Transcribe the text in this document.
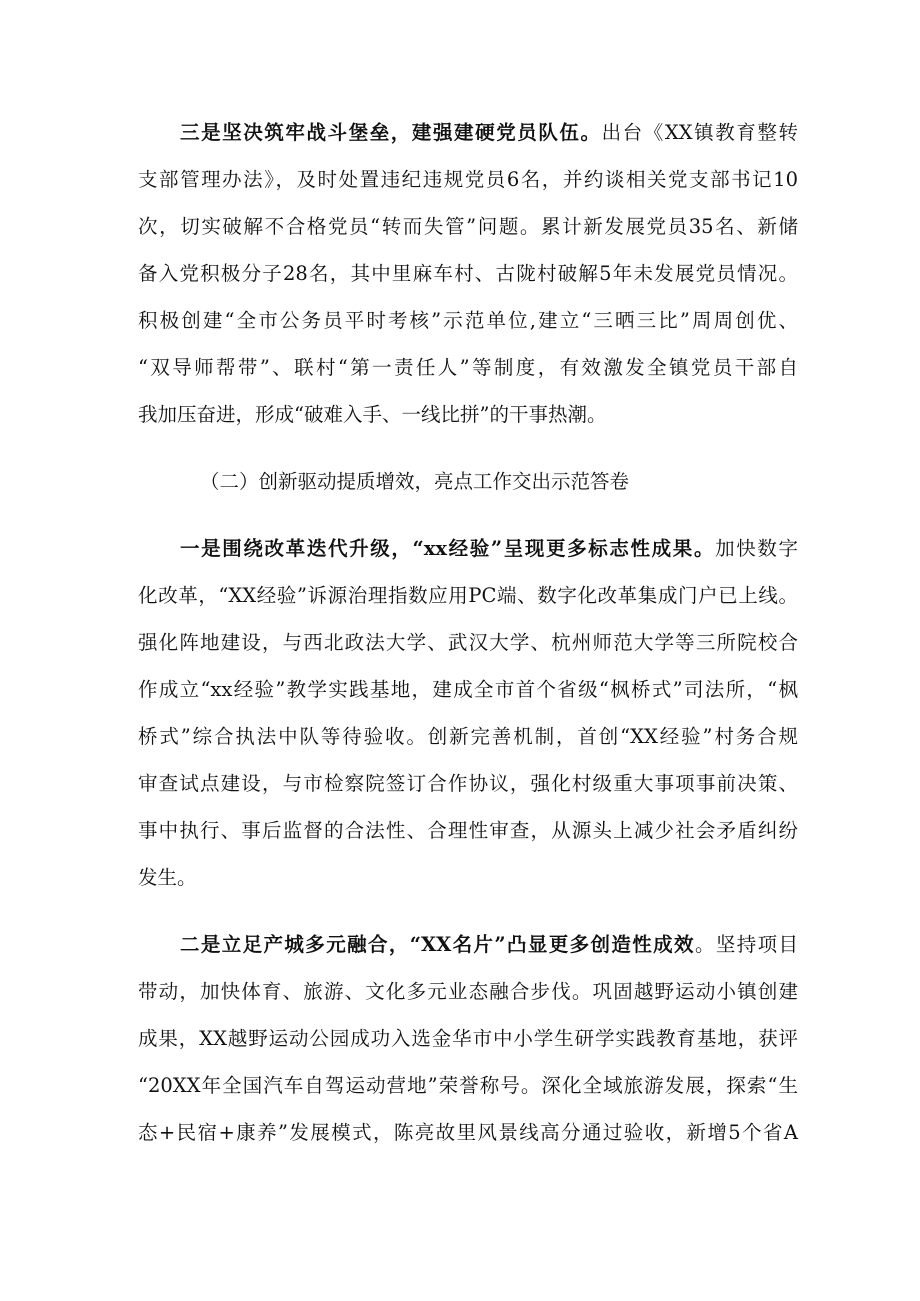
三是坚决筑牢战斗堡垒，建强建硬党员队伍。出台《XX镇教育整转
支部管理办法》，及时处置违纪违规党员6名，并约谈相关党支部书记10
次，切实破解不合格党员“转而失管”问题。累计新发展党员35名、新储
备入党积极分子28名，其中里麻车村、古陇村破解5年未发展党员情况。
积极创建“全市公务员平时考核”示范单位,建立“三晒三比”周周创优、
“双导师帮带”、联村“第一责任人”等制度，有效激发全镇党员干部自
我加压奋进，形成“破难入手、一线比拼”的干事热潮。
（二）创新驱动提质增效，亮点工作交出示范答卷
一是围绕改革迭代升级，“xx经验”呈现更多标志性成果。加快数字
化改革，“XX经验”诉源治理指数应用PC端、数字化改革集成门户已上线。
强化阵地建设，与西北政法大学、武汉大学、杭州师范大学等三所院校合
作成立“xx经验”教学实践基地，建成全市首个省级“枫桥式”司法所，“枫
桥式”综合执法中队等待验收。创新完善机制，首创“XX经验”村务合规
审查试点建设，与市检察院签订合作协议，强化村级重大事项事前决策、
事中执行、事后监督的合法性、合理性审查，从源头上减少社会矛盾纠纷
发生。
二是立足产城多元融合，“XX名片”凸显更多创造性成效。坚持项目
带动，加快体育、旅游、文化多元业态融合步伐。巩固越野运动小镇创建
成果，XX越野运动公园成功入选金华市中小学生研学实践教育基地，获评
“20XX年全国汽车自驾运动营地”荣誉称号。深化全域旅游发展，探索“生
态+民宿+康养”发展模式，陈亮故里风景线高分通过验收，新增5个省A
